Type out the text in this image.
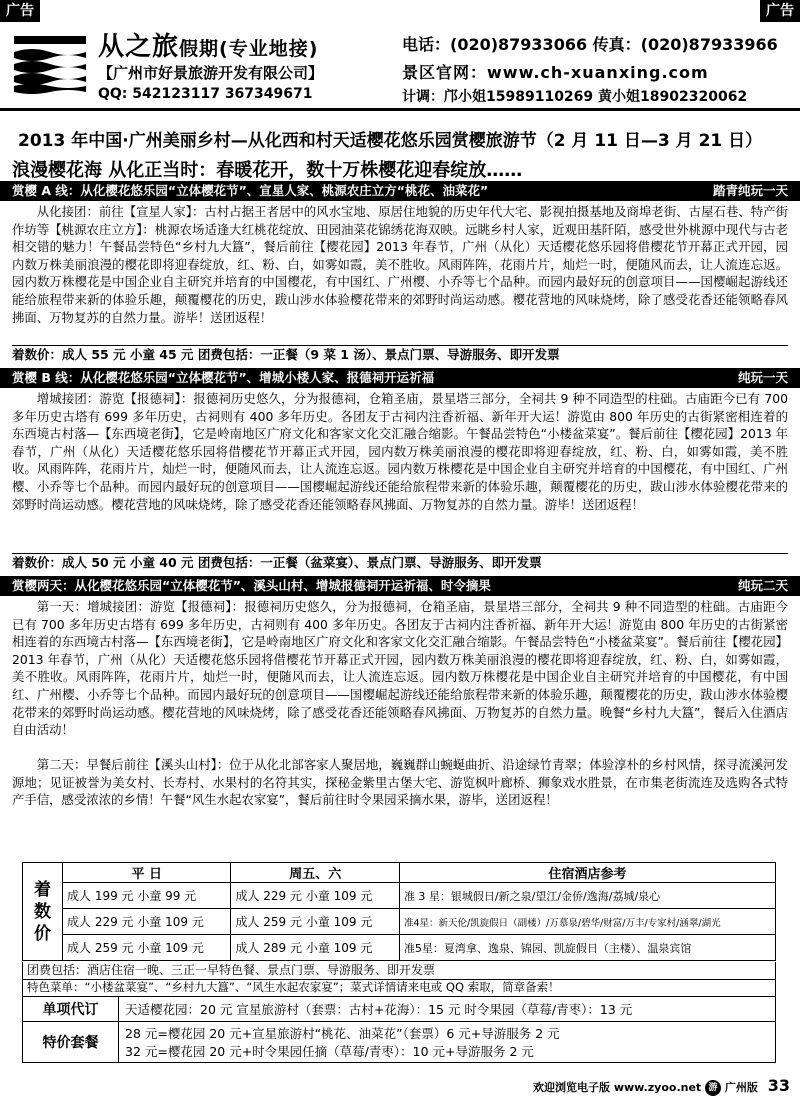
广告	广告
从之旅假期(专业地接)
【广州市好景旅游开发有限公司】
QQ: 542123117 367349671
电话：(020)87933066 传真：(020)87933966
景区官网：www.ch-xuanxing.com
计调：邝小姐15989110269 黄小姐18902320062
2013 年中国·广州美丽乡村—从化西和村天适樱花悠乐园赏樱旅游节（2 月 11 日—3 月 21 日）
浪漫樱花海 从化正当时：春暖花开，数十万株樱花迎春绽放……
赏樱 A 线：从化樱花悠乐园“立体樱花节”、宣星人家、桃源农庄立方“桃花、油菜花”	踏青纯玩一天

从化接团：前往【宣星人家】：古村占据王者居中的风水宝地、原居住地貌的历史年代大宅、影视拍摄基地及商埠老街、古屋石巷、特产街作坊等【桃源农庄立方】：桃源农场适逢大红桃花绽放、田园油菜花锦绣花海双映。远眺乡村人家，近观田基阡陌，感受世外桃源中现代与古老相交错的魅力！午餐品尝特色“乡村九大簋”，餐后前往【樱花园】2013 年春节，广州（从化）天适樱花悠乐园将借樱花节开幕正式开园，园内数万株美丽浪漫的樱花即将迎春绽放，红、粉、白，如雾如霞，美不胜收。风雨阵阵，花雨片片，灿烂一时，便随风而去，让人流连忘返。园内数万株樱花是中国企业自主研究并培育的中国樱花，有中国红、广州樱、小乔等七个品种。而园内最好玩的创意项目——国樱崛起游线还能给旅程带来新的体验乐趣，颠覆樱花的历史，跋山涉水体验樱花带来的郊野时尚运动感。樱花营地的风味烧烤，除了感受花香还能领略春风拂面、万物复苏的自然力量。游毕！送团返程！

着数价：成人 55 元 小童 45 元 团费包括：一正餐（9 菜 1 汤）、景点门票、导游服务、即开发票
赏樱 B 线：从化樱花悠乐园“立体樱花节”、增城小楼人家、报德祠开运祈福	纯玩一天

增城接团：游览【报德祠】：报德祠历史悠久，分为报德祠，仓箱圣庙，景星塔三部分，全祠共 9 种不同造型的柱础。古庙距今已有 700 多年历史古塔有 699 多年历史，古祠则有 400 多年历史。各团友于古祠内注香祈福、新年开大运！游览由 800 年历史的古街紧密相连着的东西境古村落—【东西境老街】，它是岭南地区广府文化和客家文化交汇融合缩影。午餐品尝特色“小楼盆菜宴”。餐后前往【樱花园】2013 年春节，广州（从化）天适樱花悠乐园将借樱花节开幕正式开园，园内数万株美丽浪漫的樱花即将迎春绽放，红、粉、白，如雾如霞，美不胜收。风雨阵阵，花雨片片，灿烂一时，便随风而去，让人流连忘返。园内数万株樱花是中国企业自主研究并培育的中国樱花，有中国红、广州樱、小乔等七个品种。而园内最好玩的创意项目——国樱崛起游线还能给旅程带来新的体验乐趣，颠覆樱花的历史，跋山涉水体验樱花带来的郊野时尚运动感。樱花营地的风味烧烤，除了感受花香还能领略春风拂面、万物复苏的自然力量。游毕！送团返程！

着数价：成人 50 元 小童 40 元 团费包括：一正餐（盆菜宴）、景点门票、导游服务、即开发票
赏樱两天：从化樱花悠乐园“立体樱花节”、溪头山村、增城报德祠开运祈福、时令摘果	纯玩二天

第一天：增城接团：游览【报德祠】：报德祠历史悠久，分为报德祠，仓箱圣庙，景星塔三部分，全祠共 9 种不同造型的柱础。古庙距今已有 700 多年历史古塔有 699 多年历史，古祠则有 400 多年历史。各团友于古祠内注香祈福、新年开大运！游览由 800 年历史的古街紧密相连着的东西境古村落—【东西境老街】，它是岭南地区广府文化和客家文化交汇融合缩影。午餐品尝特色“小楼盆菜宴”。餐后前往【樱花园】2013 年春节，广州（从化）天适樱花悠乐园将借樱花节开幕正式开园，园内数万株美丽浪漫的樱花即将迎春绽放，红、粉、白，如雾如霞，美不胜收。风雨阵阵，花雨片片，灿烂一时，便随风而去，让人流连忘返。园内数万株樱花是中国企业自主研究并培育的中国樱花，有中国红、广州樱、小乔等七个品种。而园内最好玩的创意项目——国樱崛起游线还能给旅程带来新的体验乐趣，颠覆樱花的历史，跋山涉水体验樱花带来的郊野时尚运动感。樱花营地的风味烧烤，除了感受花香还能领略春风拂面、万物复苏的自然力量。晚餐“乡村九大簋”，餐后入住酒店自由活动！

第二天：早餐后前往【溪头山村】：位于从化北部客家人聚居地，巍巍群山蜿蜒曲折、沿途绿竹青翠；体验淳朴的乡村风情，探寻流溪河发源地；见证被誉为美女村、长寿村、水果村的名符其实，探秘金紫里古堡大宅、游览枫叶廊桥、狮象戏水胜景，在市集老街流连及选购各式特产手信，感受浓浓的乡情！午餐“风生水起农家宴”，餐后前往时令果园采摘水果，游毕，送团返程！

着数价	平 日	周五、六	住宿酒店参考
	成人 199 元 小童 99 元	成人 229 元 小童 109 元	准 3 星：银城假日/新之泉/望江/金侨/逸海/荔城/泉心
	成人 229 元 小童 109 元	成人 259 元 小童 109 元	准4星：新天伦/凯旋假日（副楼）/万慕泉/碧华/财富/万丰/专家村/涵翠/湖光
	成人 259 元 小童 109 元	成人 289 元 小童 109 元	准5星：夏湾拿、逸泉、锦园、凯旋假日（主楼）、温泉宾馆
团费包括：酒店住宿一晚、三正一早特色餐、景点门票、导游服务、即开发票
特色菜单：“小楼盆菜宴”、“乡村九大簋”、“风生水起农家宴”；菜式详情请来电或 QQ 索取，简章备索！
单项代订	天适樱花园：20 元 宣星旅游村（套票：古村+花海）：15 元 时令果园（草莓/青枣）：13 元
特价套餐	28 元=樱花园 20 元+宣星旅游村“桃花、油菜花”（套票）6 元+导游服务 2 元
32 元=樱花园 20 元+时令果园任摘（草莓/青枣）：10 元+导游服务 2 元
欢迎浏览电子版 www.zyoo.net 游 广州版 33
